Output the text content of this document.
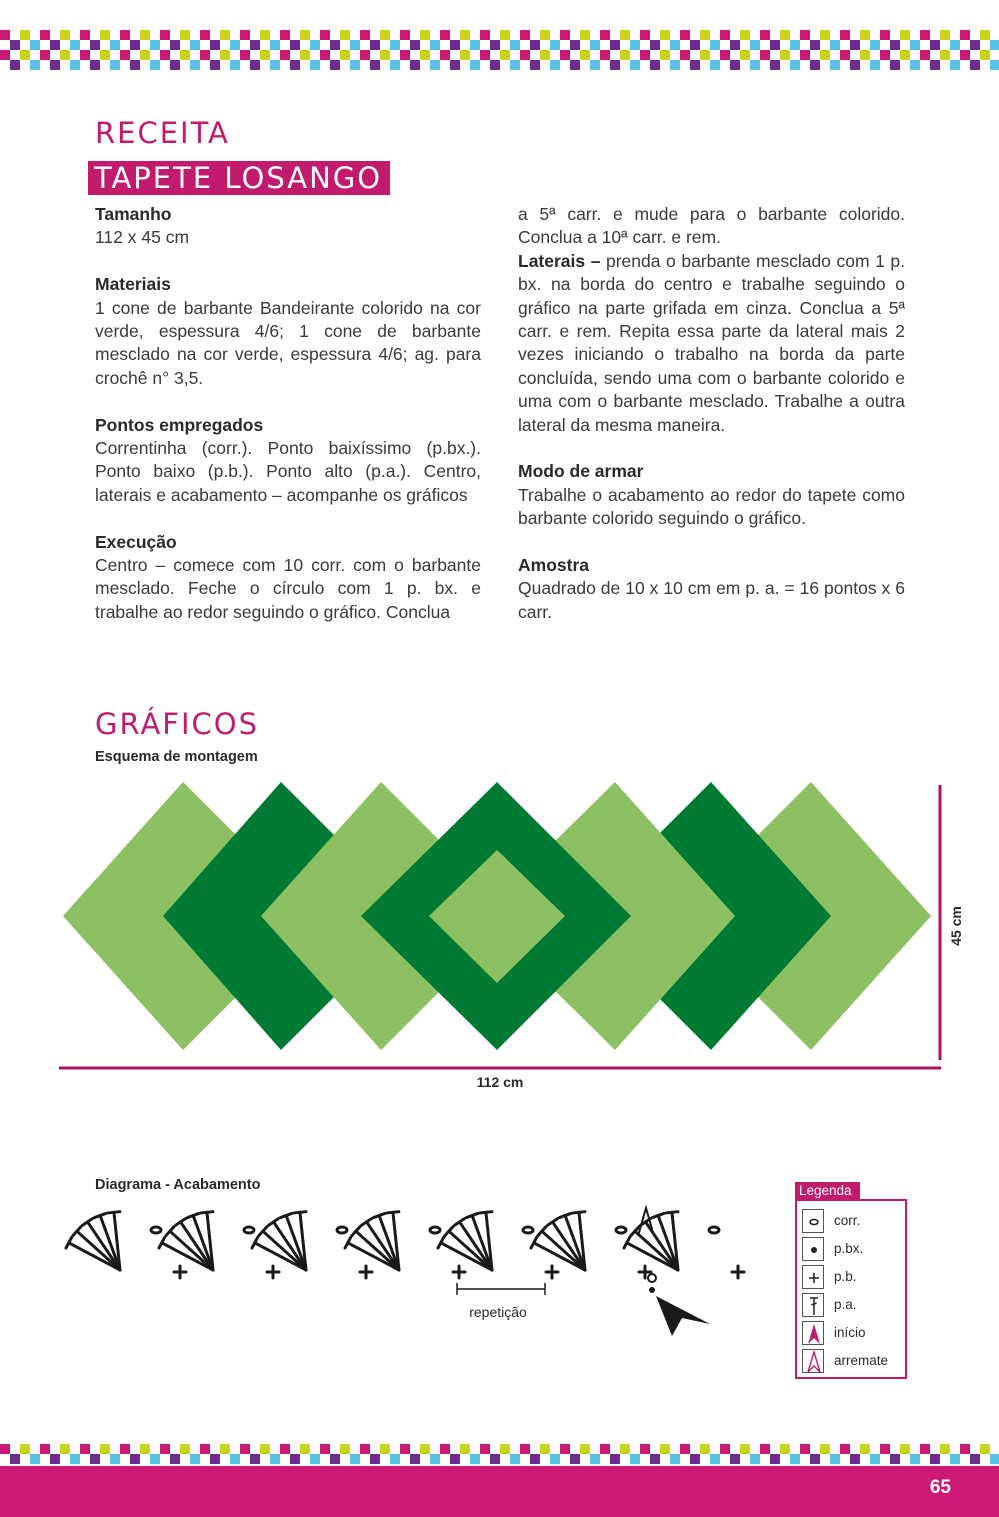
65
RECEITA
TAPETE LOSANGO
Tamanho

112 x 45 cm

Materiais

1 cone de barbante Bandeirante colorido na cor verde, espessura 4/6; 1 cone de barbante mesclado na cor verde, espessura 4/6; ag. para crochê n° 3,5.

Pontos empregados

Correntinha (corr.). Ponto baixíssimo (p.bx.). Ponto baixo (p.b.). Ponto alto (p.a.). Centro, laterais e acabamento – acompanhe os gráficos

Execução

Centro – comece com 10 corr. com o barbante mesclado. Feche o círculo com 1 p. bx. e trabalhe ao redor seguindo o gráfico. Conclua

a 5ª carr. e mude para o barbante colorido. Conclua a 10ª carr. e rem.

Laterais – prenda o barbante mesclado com 1 p. bx. na borda do centro e trabalhe seguindo o gráfico na parte grifada em cinza. Conclua a 5ª carr. e rem. Repita essa parte da lateral mais 2 vezes iniciando o trabalho na borda da parte concluída, sendo uma com o barbante colorido e uma com o barbante mesclado. Trabalhe a outra lateral da mesma maneira.

Modo de armar

Trabalhe o acabamento ao redor do tapete como barbante colorido seguindo o gráfico.

Amostra

Quadrado de 10 x 10 cm em p. a. = 16 pontos x 6 carr.

GRÁFICOS
Esquema de montagem
112 cm
45 cm
Diagrama - Acabamento
repetição
Legenda
corr.
p.bx.
p.b.
p.a.
início
arremate
